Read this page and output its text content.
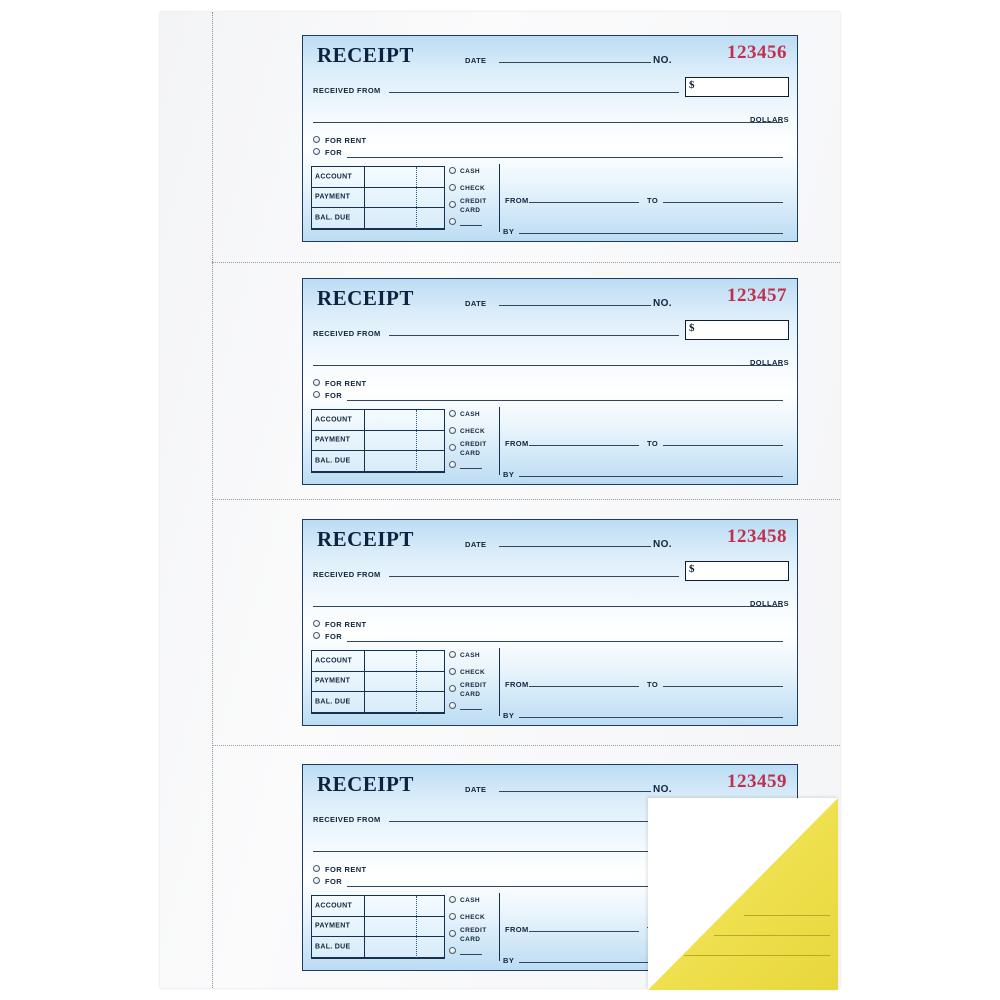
RECEIPT	DATE	NO.	123456
RECEIVED FROM	$
DOLLARS
FOR RENT
FOR
ACCOUNT
PAYMENT
BAL. DUE
CASH
CHECK
CREDIT
CARD
FROM	TO
BY
RECEIPT	DATE	NO.	123457
RECEIVED FROM	$
DOLLARS
FOR RENT
FOR
ACCOUNT
PAYMENT
BAL. DUE
CASH
CHECK
CREDIT
CARD
FROM	TO
BY
RECEIPT	DATE	NO.	123458
RECEIVED FROM	$
DOLLARS
FOR RENT
FOR
ACCOUNT
PAYMENT
BAL. DUE
CASH
CHECK
CREDIT
CARD
FROM	TO
BY
RECEIPT	DATE	NO.	123459
RECEIVED FROM
FOR RENT
FOR
ACCOUNT
PAYMENT
BAL. DUE
CASH
CHECK
CREDIT
CARD
FROM
BY
